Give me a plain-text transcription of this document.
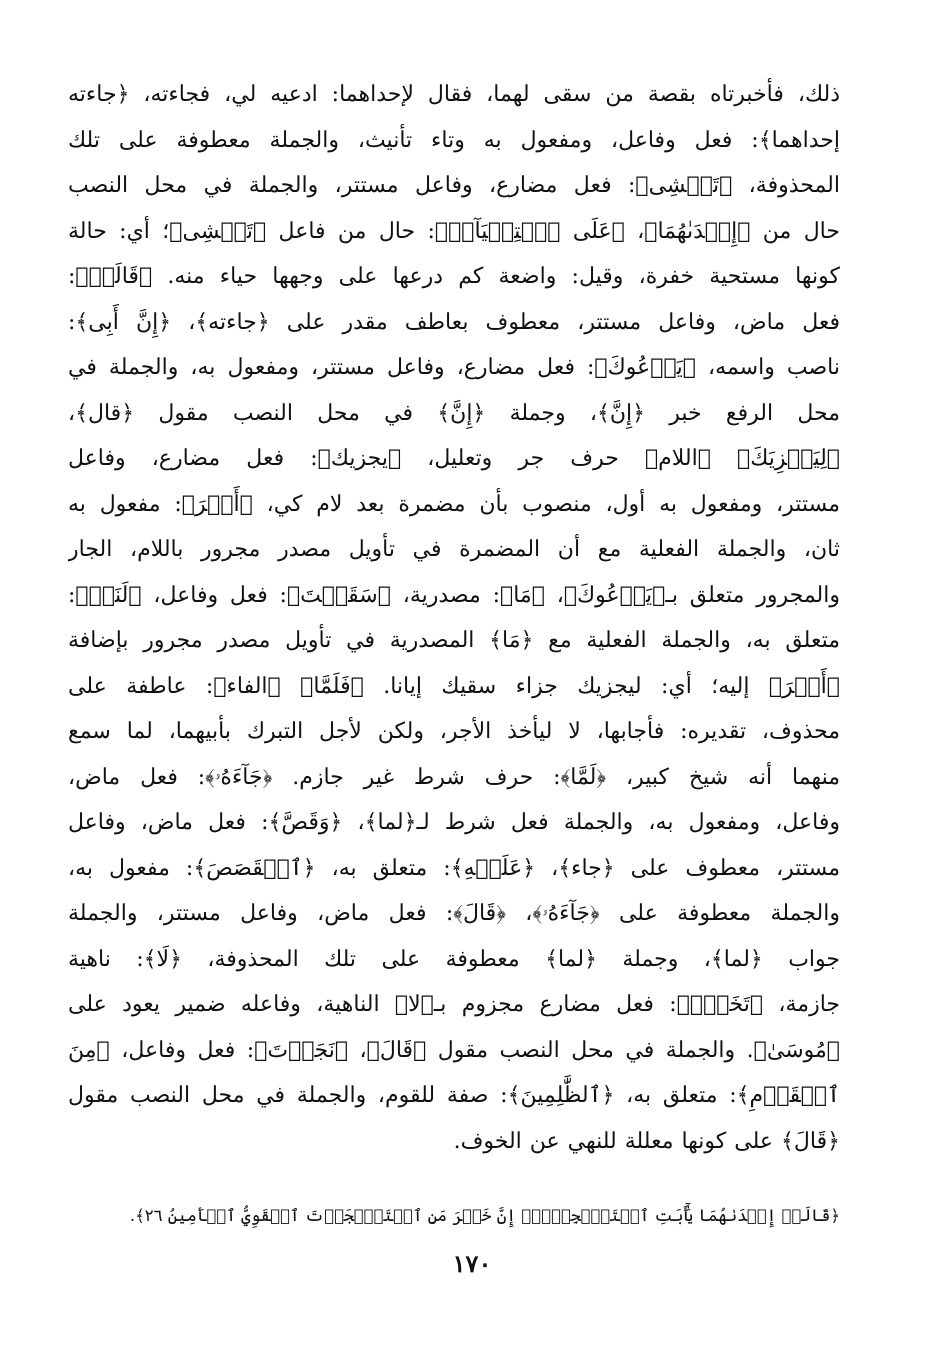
ذلك، فأخبرتاه بقصة من سقى لهما، فقال لإحداهما: ادعيه لي، فجاءته، ﴿جاءته
إحداهما﴾: فعل وفاعل، ومفعول به وتاء تأنيث، والجملة معطوفة على تلك
المحذوفة، ﴿تَمۡشِى﴾: فعل مضارع، وفاعل مستتر، والجملة في محل النصب
حال من ﴿إِحۡدَىٰهُمَا﴾، ﴿عَلَى ٱسۡتِحۡيَآءٖ﴾: حال من فاعل ﴿تَمۡشِى﴾؛ أي: حالة
كونها مستحية خفرة، وقيل: واضعة كم درعها على وجهها حياء منه. ﴿قَالَتۡ﴾:
فعل ماض، وفاعل مستتر، معطوف بعاطف مقدر على ﴿جاءته﴾، ﴿إِنَّ أَبِى﴾:
ناصب واسمه، ﴿يَدۡعُوكَ﴾: فعل مضارع، وفاعل مستتر، ومفعول به، والجملة في
محل الرفع خبر ﴿إِنَّ﴾، وجملة ﴿إِنَّ﴾ في محل النصب مقول ﴿قال﴾،
﴿لِيَجۡزِيَكَ﴾ ﴿اللام﴾ حرف جر وتعليل، ﴿يجزيك﴾: فعل مضارع، وفاعل
مستتر، ومفعول به أول، منصوب بأن مضمرة بعد لام كي، ﴿أَجۡرَ﴾: مفعول به
ثان، والجملة الفعلية مع أن المضمرة في تأويل مصدر مجرور باللام، الجار
والمجرور متعلق بـ﴿يَدۡعُوكَ﴾، ﴿مَا﴾: مصدرية، ﴿سَقَيۡتَ﴾: فعل وفاعل، ﴿لَنَاۚ﴾:
متعلق به، والجملة الفعلية مع ﴿مَا﴾ المصدرية في تأويل مصدر مجرور بإضافة
﴿أَجۡرَ﴾ إليه؛ أي: ليجزيك جزاء سقيك إيانا. ﴿فَلَمَّا﴾ ﴿الفاء﴾: عاطفة على
محذوف، تقديره: فأجابها، لا ليأخذ الأجر، ولكن لأجل التبرك بأبيهما، لما سمع
منهما أنه شيخ كبير، ﴿لَمَّا﴾: حرف شرط غير جازم. ﴿جَآءَهُۥ﴾: فعل ماض،
وفاعل، ومفعول به، والجملة فعل شرط لـ﴿لما﴾، ﴿وَقَصَّ﴾: فعل ماض، وفاعل
مستتر، معطوف على ﴿جاء﴾، ﴿عَلَيۡهِ﴾: متعلق به، ﴿ٱلۡقَصَصَ﴾: مفعول به،
والجملة معطوفة على ﴿جَآءَهُۥ﴾، ﴿قَالَ﴾: فعل ماض، وفاعل مستتر، والجملة
جواب ﴿لما﴾، وجملة ﴿لما﴾ معطوفة على تلك المحذوفة، ﴿لَا﴾: ناهية
جازمة، ﴿تَخَفۡۖ﴾: فعل مضارع مجزوم بـ﴿لا﴾ الناهية، وفاعله ضمير يعود على
﴿مُوسَىٰ﴾. والجملة في محل النصب مقول ﴿قَالَ﴾، ﴿نَجَوۡتَ﴾: فعل وفاعل، ﴿مِنَ
ٱلۡقَوۡمِ﴾: متعلق به، ﴿ٱلظَّٰلِمِينَ﴾: صفة للقوم، والجملة في محل النصب مقول
﴿قَالَ﴾ على كونها معللة للنهي عن الخوف.
﴿قَالَتۡ إِحۡدَىٰهُمَا يَٰٓأَبَتِ ٱسۡتَـٔۡجِرۡهُۖ إِنَّ خَيۡرَ مَنِ ٱسۡتَـٔۡجَرۡتَ ٱلۡقَوِيُّ ٱلۡأَمِينُ ٢٦﴾.
١٧٠
